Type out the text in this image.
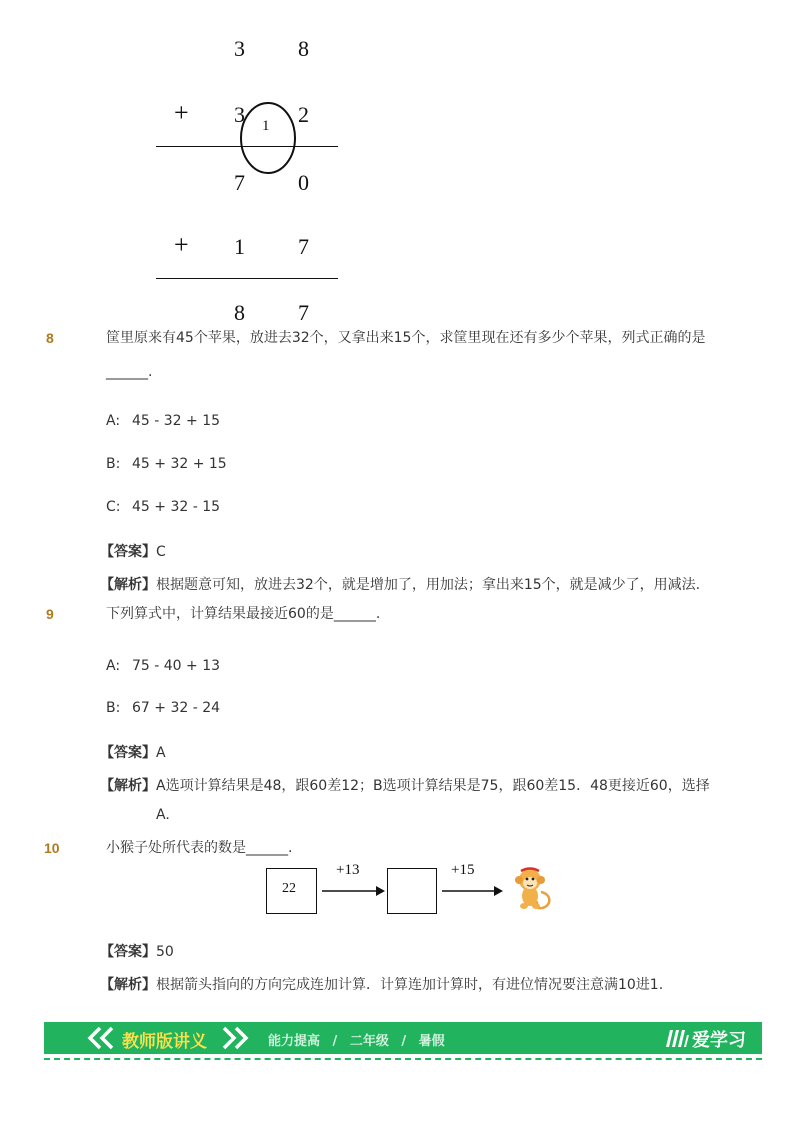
3 8
+ 3 2
1
7 0
+ 1 7
8 7
8	筐里原来有45个苹果，放进去32个，又拿出来15个，求筐里现在还有多少个苹果，列式正确的是
______.
A: 45 - 32 + 15
B: 45 + 32 + 15
C: 45 + 32 - 15
【答案】C
【解析】根据题意可知，放进去32个，就是增加了，用加法；拿出来15个，就是减少了，用减法.
9	下列算式中，计算结果最接近60的是______.
A: 75 - 40 + 13
B: 67 + 32 - 24
【答案】A
【解析】A选项计算结果是48，跟60差12；B选项计算结果是75，跟60差15．48更接近60，选择
A.
10	小猴子处所代表的数是______.
22
+13	+15
【答案】50
【解析】根据箭头指向的方向完成连加计算．计算连加计算时，有进位情况要注意满10进1.
教师版讲义	能力提高 / 二年级 / 暑假	爱学习
